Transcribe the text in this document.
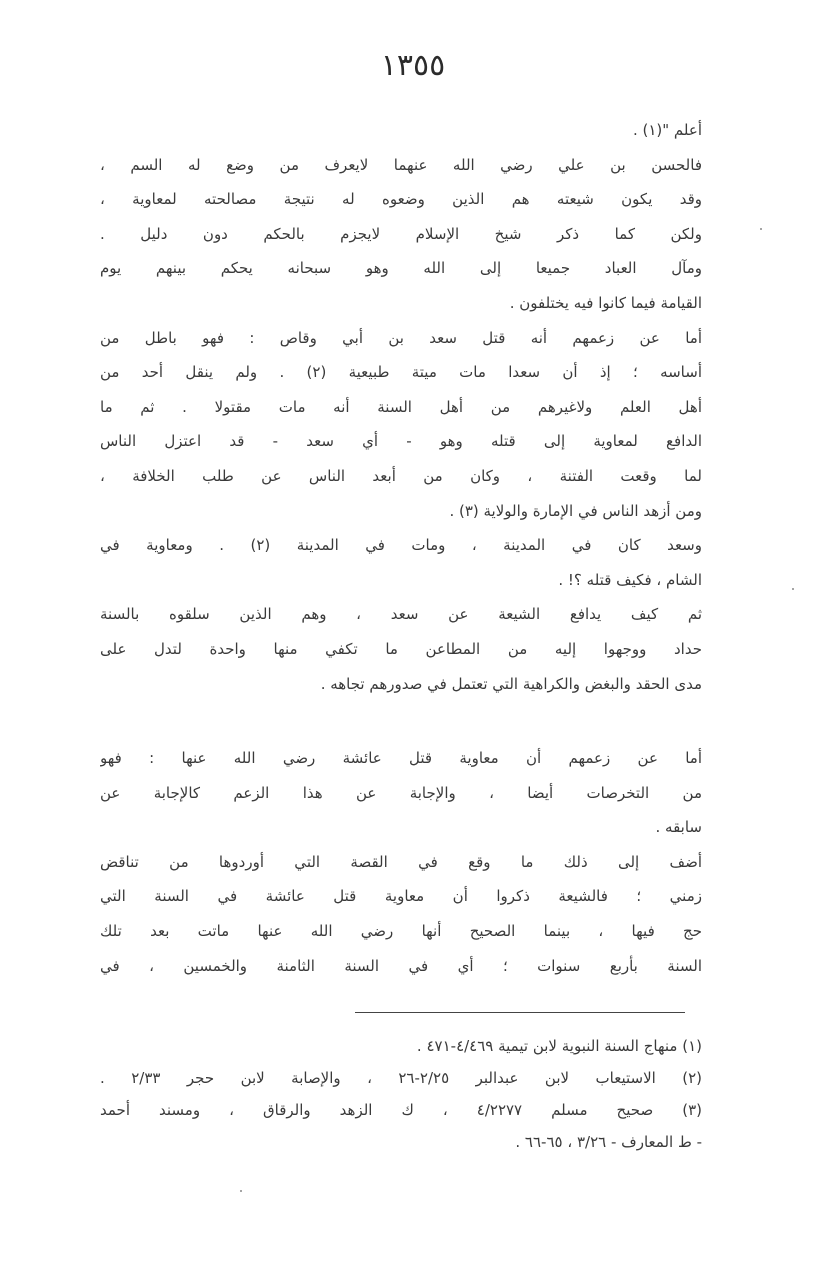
١٣٥٥
أعلم "(١) .
فالحسن بن علي رضي الله عنهما لايعرف من وضع له السم ،
وقد يكون شيعته هم الذين وضعوه له نتيجة مصالحته لمعاوية ،
ولكن كما ذكر شيخ الإسلام لايجزم بالحكم دون دليل .
ومآل العباد جميعا إلى الله وهو سبحانه يحكم بينهم يوم
القيامة فيما كانوا فيه يختلفون .
أما عن زعمهم أنه قتل سعد بن أبي وقاص : فهو باطل من
أساسه ؛ إذ أن سعدا مات ميتة طبيعية (٢) . ولم ينقل أحد من
أهل العلم ولاغيرهم من أهل السنة أنه مات مقتولا . ثم ما
الدافع لمعاوية إلى قتله وهو - أي سعد - قد اعتزل الناس
لما وقعت الفتنة ، وكان من أبعد الناس عن طلب الخلافة ،
ومن أزهد الناس في الإمارة والولاية (٣) .
وسعد كان في المدينة ، ومات في المدينة (٢) . ومعاوية في
الشام ، فكيف قتله ؟! .
ثم كيف يدافع الشيعة عن سعد ، وهم الذين سلقوه بالسنة
حداد ووجهوا إليه من المطاعن ما تكفي منها واحدة لتدل على
مدى الحقد والبغض والكراهية التي تعتمل في صدورهم تجاهه .
أما عن زعمهم أن معاوية قتل عائشة رضي الله عنها : فهو
من التخرصات أيضا ، والإجابة عن هذا الزعم كالإجابة عن
سابقه .
أضف إلى ذلك ما وقع في القصة التي أوردوها من تناقض
زمني ؛ فالشيعة ذكروا أن معاوية قتل عائشة في السنة التي
حج فيها ، بينما الصحيح أنها رضي الله عنها ماتت بعد تلك
السنة بأربع سنوات ؛ أي في السنة الثامنة والخمسين ، في
(١) منهاج السنة النبوية لابن تيمية ٤/٤٦٩-٤٧١ .
(٢) الاستيعاب لابن عبدالبر ٢/٢٥-٢٦ ، والإصابة لابن حجر ٢/٣٣ .
(٣) صحيح مسلم ٤/٢٢٧٧ ، ك الزهد والرقاق ، ومسند أحمد
- ط المعارف - ٣/٢٦ ، ٦٥-٦٦ .
